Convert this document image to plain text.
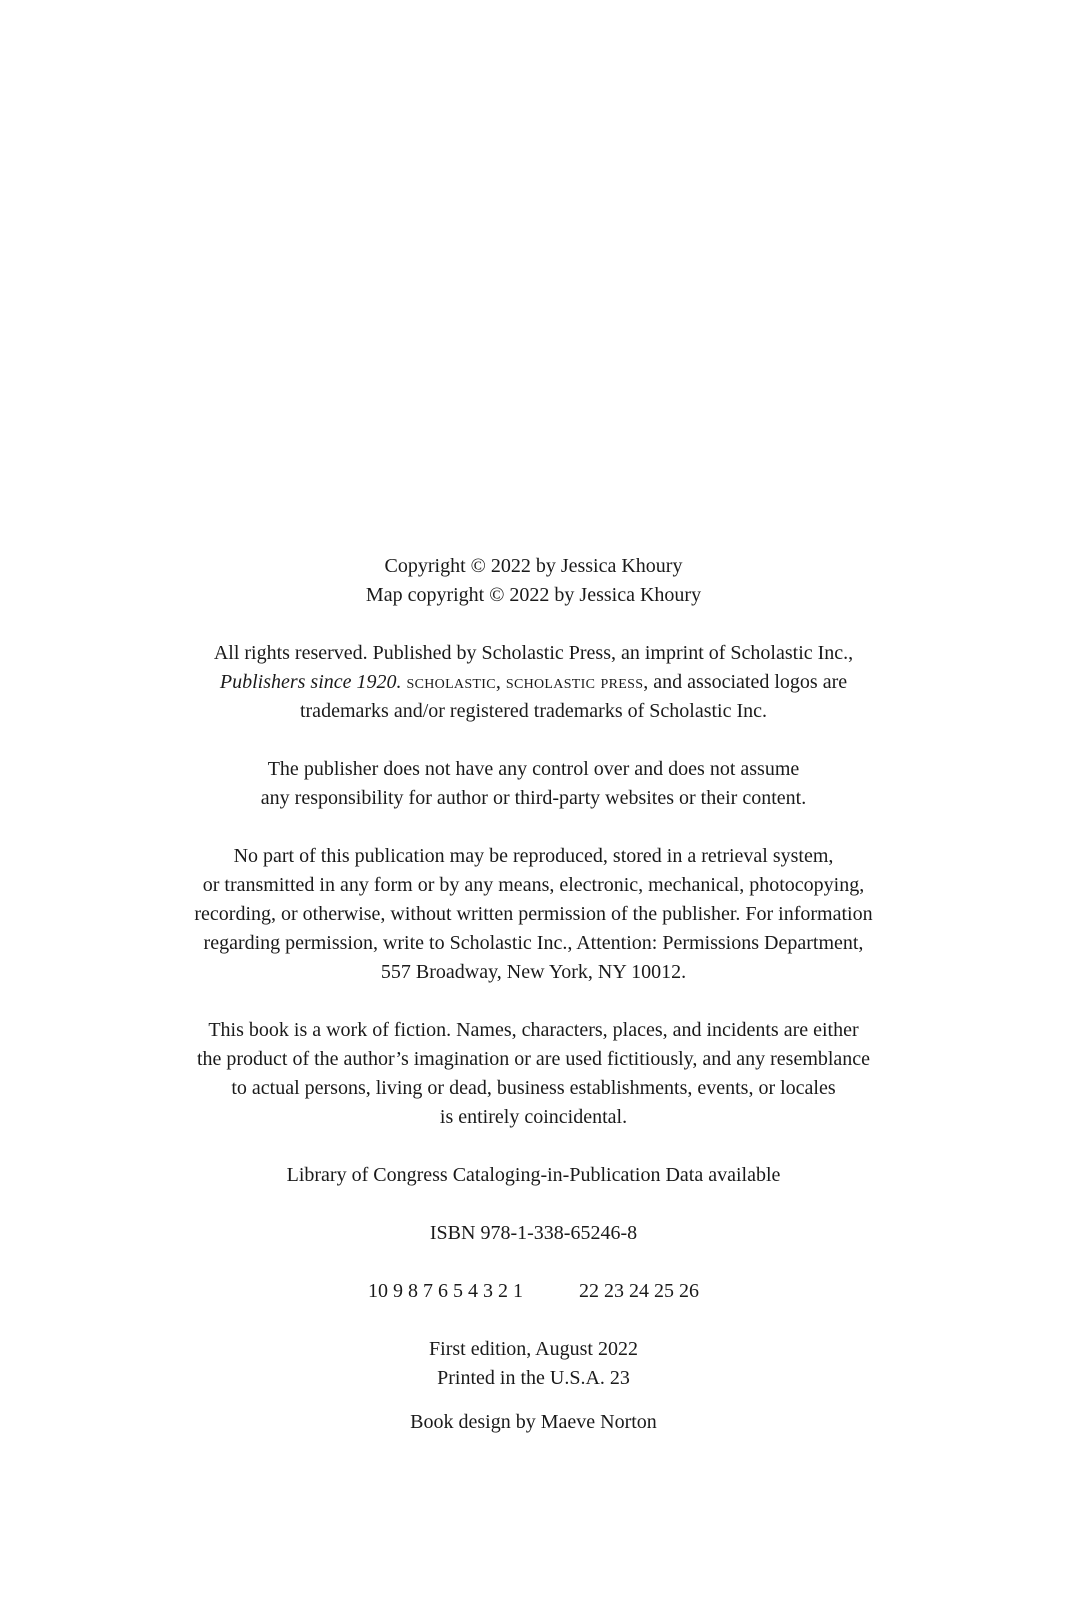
Copyright © 2022 by Jessica Khoury
Map copyright © 2022 by Jessica Khoury
All rights reserved. Published by Scholastic Press, an imprint of Scholastic Inc.,
Publishers since 1920. scholastic, scholastic press, and associated logos are
trademarks and/or registered trademarks of Scholastic Inc.
The publisher does not have any control over and does not assume
any responsibility for author or third-party websites or their content.
No part of this publication may be reproduced, stored in a retrieval system,
or transmitted in any form or by any means, electronic, mechanical, photocopying,
recording, or otherwise, without written permission of the publisher. For information
regarding permission, write to Scholastic Inc., Attention: Permissions Department,
557 Broadway, New York, NY 10012.
This book is a work of fiction. Names, characters, places, and incidents are either
the product of the author’s imagination or are used fictitiously, and any resemblance
to actual persons, living or dead, business establishments, events, or locales
is entirely coincidental.
Library of Congress Cataloging-in-Publication Data available
ISBN 978-1-338-65246-8
10 9 8 7 6 5 4 3 2 1	22 23 24 25 26
First edition, August 2022
Printed in the U.S.A. 23
Book design by Maeve Norton
